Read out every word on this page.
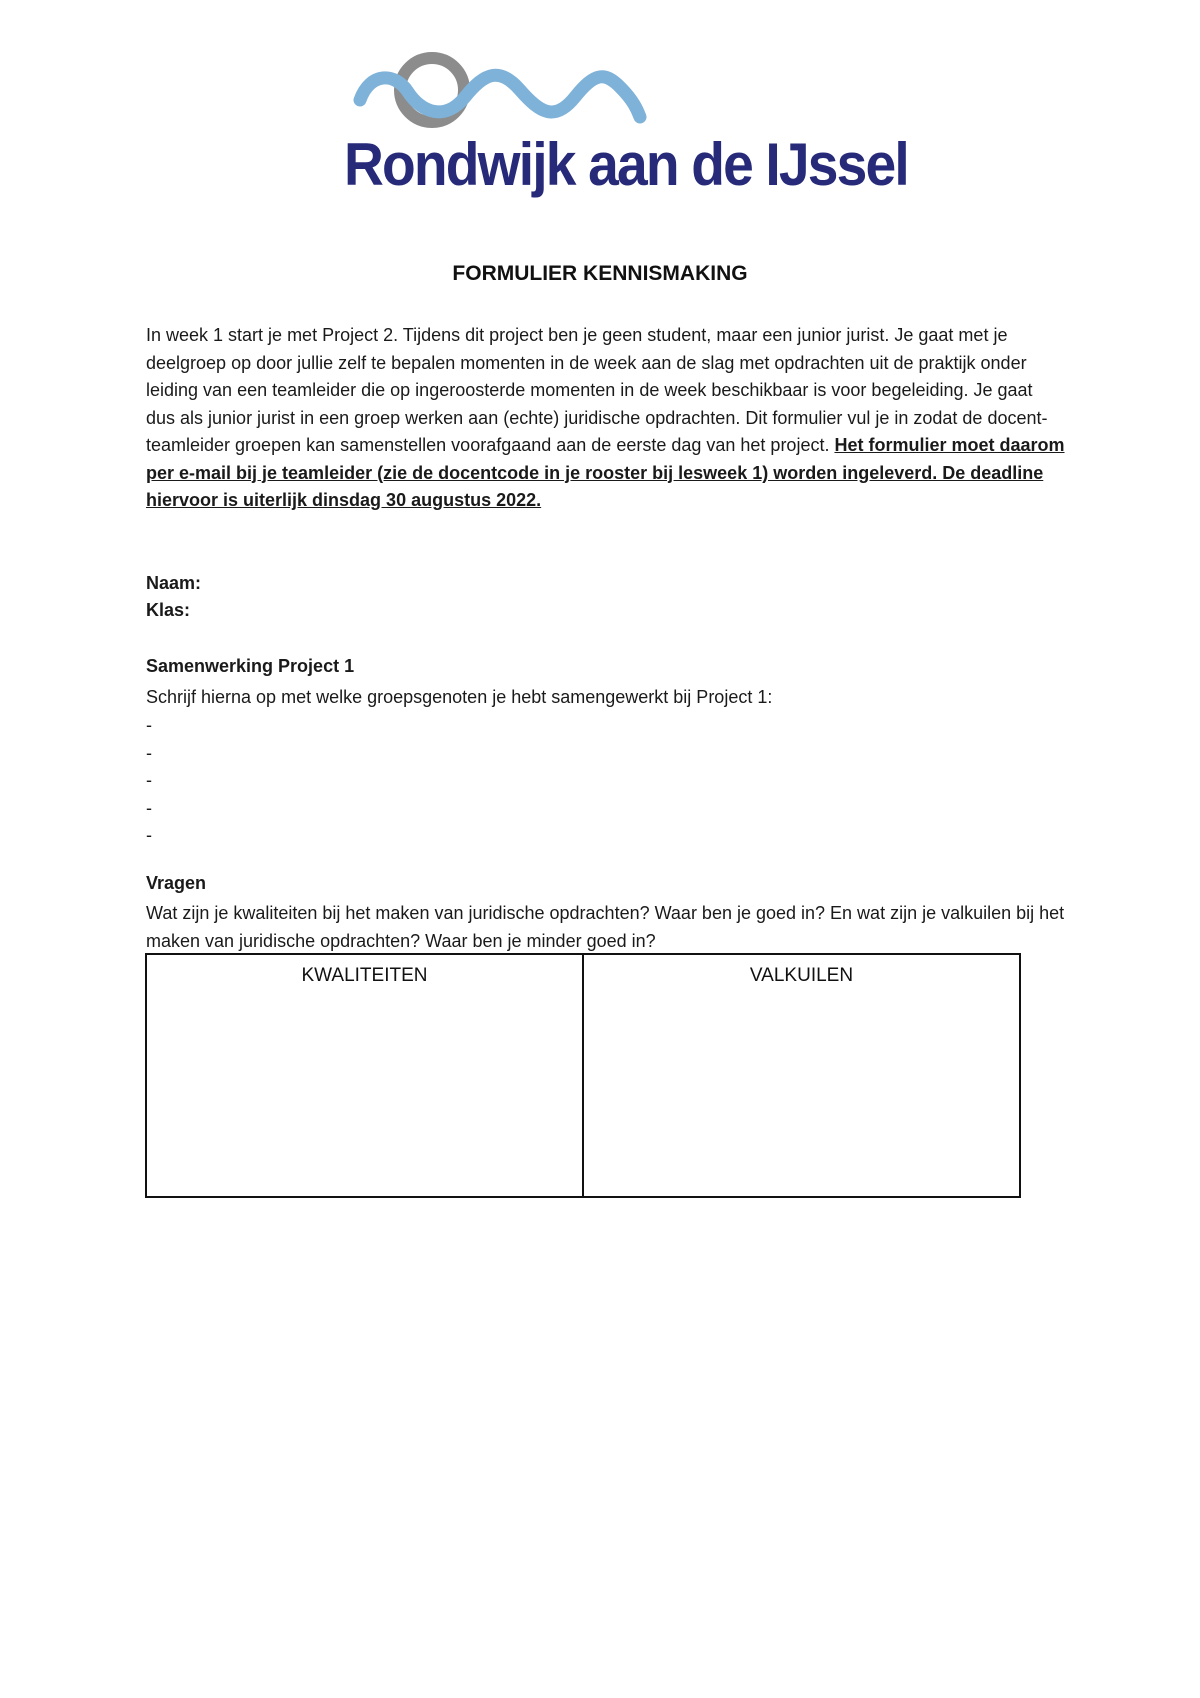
Rondwijk aan de IJssel
FORMULIER KENNISMAKING
In week 1 start je met Project 2. Tijdens dit project ben je geen student, maar een junior jurist. Je gaat met je deelgroep op door jullie zelf te bepalen momenten in de week aan de slag met opdrachten uit de praktijk onder leiding van een teamleider die op ingeroosterde momenten in de week beschikbaar is voor begeleiding. Je gaat dus als junior jurist in een groep werken aan (echte) juridische opdrachten. Dit formulier vul je in zodat de docent-teamleider groepen kan samenstellen voorafgaand aan de eerste dag van het project. Het formulier moet daarom per e-mail bij je teamleider (zie de docentcode in je rooster bij lesweek 1) worden ingeleverd. De deadline hiervoor is uiterlijk dinsdag 30 augustus 2022.
Naam:
Klas:
Samenwerking Project 1
Schrijf hierna op met welke groepsgenoten je hebt samengewerkt bij Project 1:
-
-
-
-
-
Vragen
Wat zijn je kwaliteiten bij het maken van juridische opdrachten? Waar ben je goed in? En wat zijn je valkuilen bij het maken van juridische opdrachten? Waar ben je minder goed in?
KWALITEITEN	VALKUILEN
